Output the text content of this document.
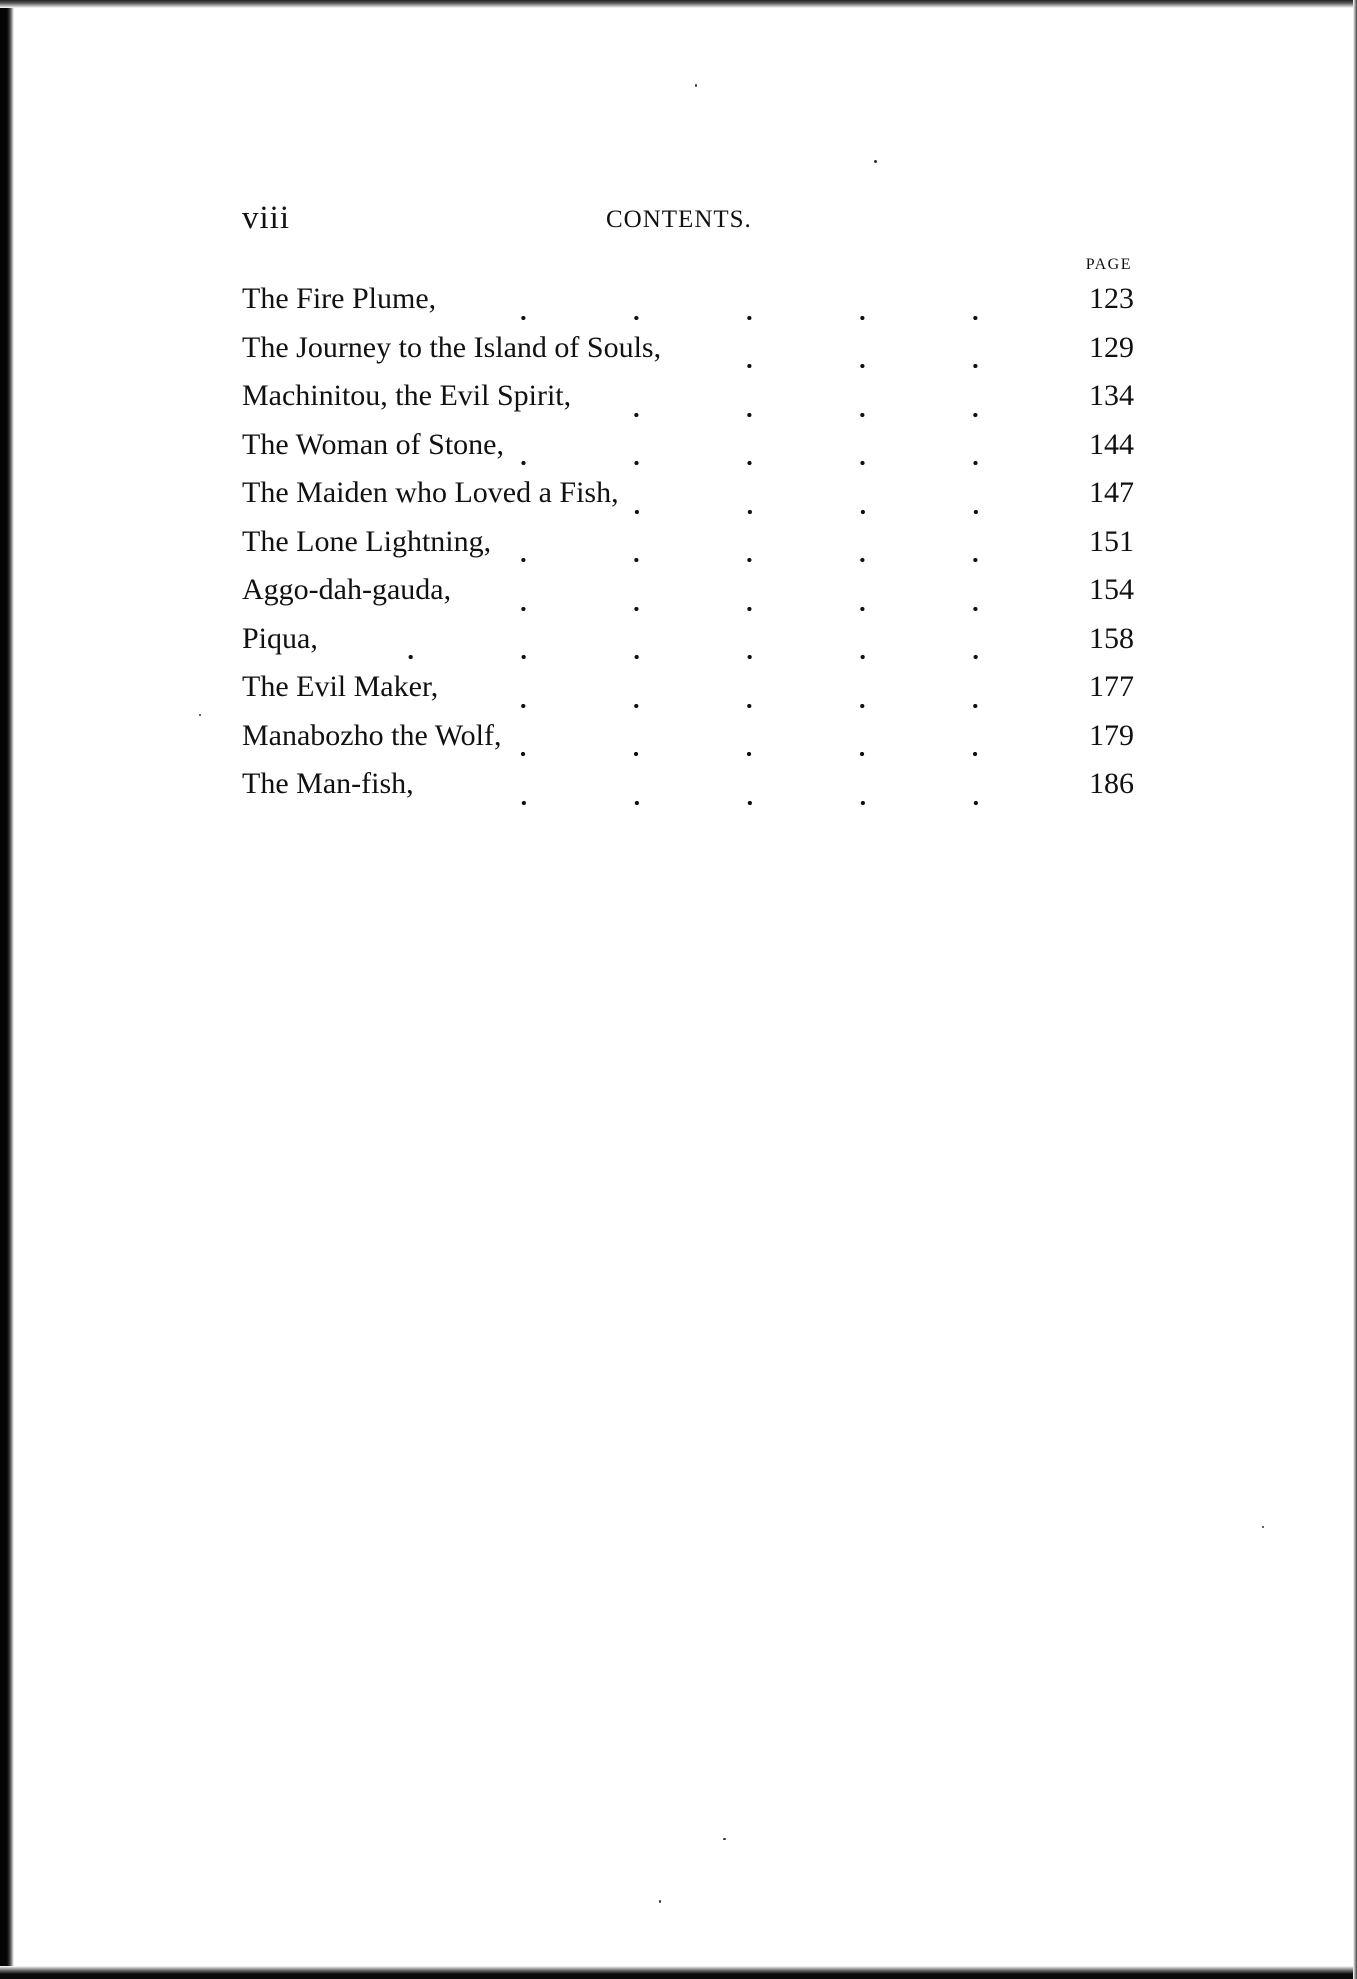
viii	CONTENTS.
PAGE
The Fire Plume,	123
The Journey to the Island of Souls,	129
Machinitou, the Evil Spirit,	134
The Woman of Stone,	144
The Maiden who Loved a Fish,	147
The Lone Lightning,	151
Aggo-dah-gauda,	154
Piqua,	158
The Evil Maker,	177
Manabozho the Wolf,	179
The Man-fish,	186
